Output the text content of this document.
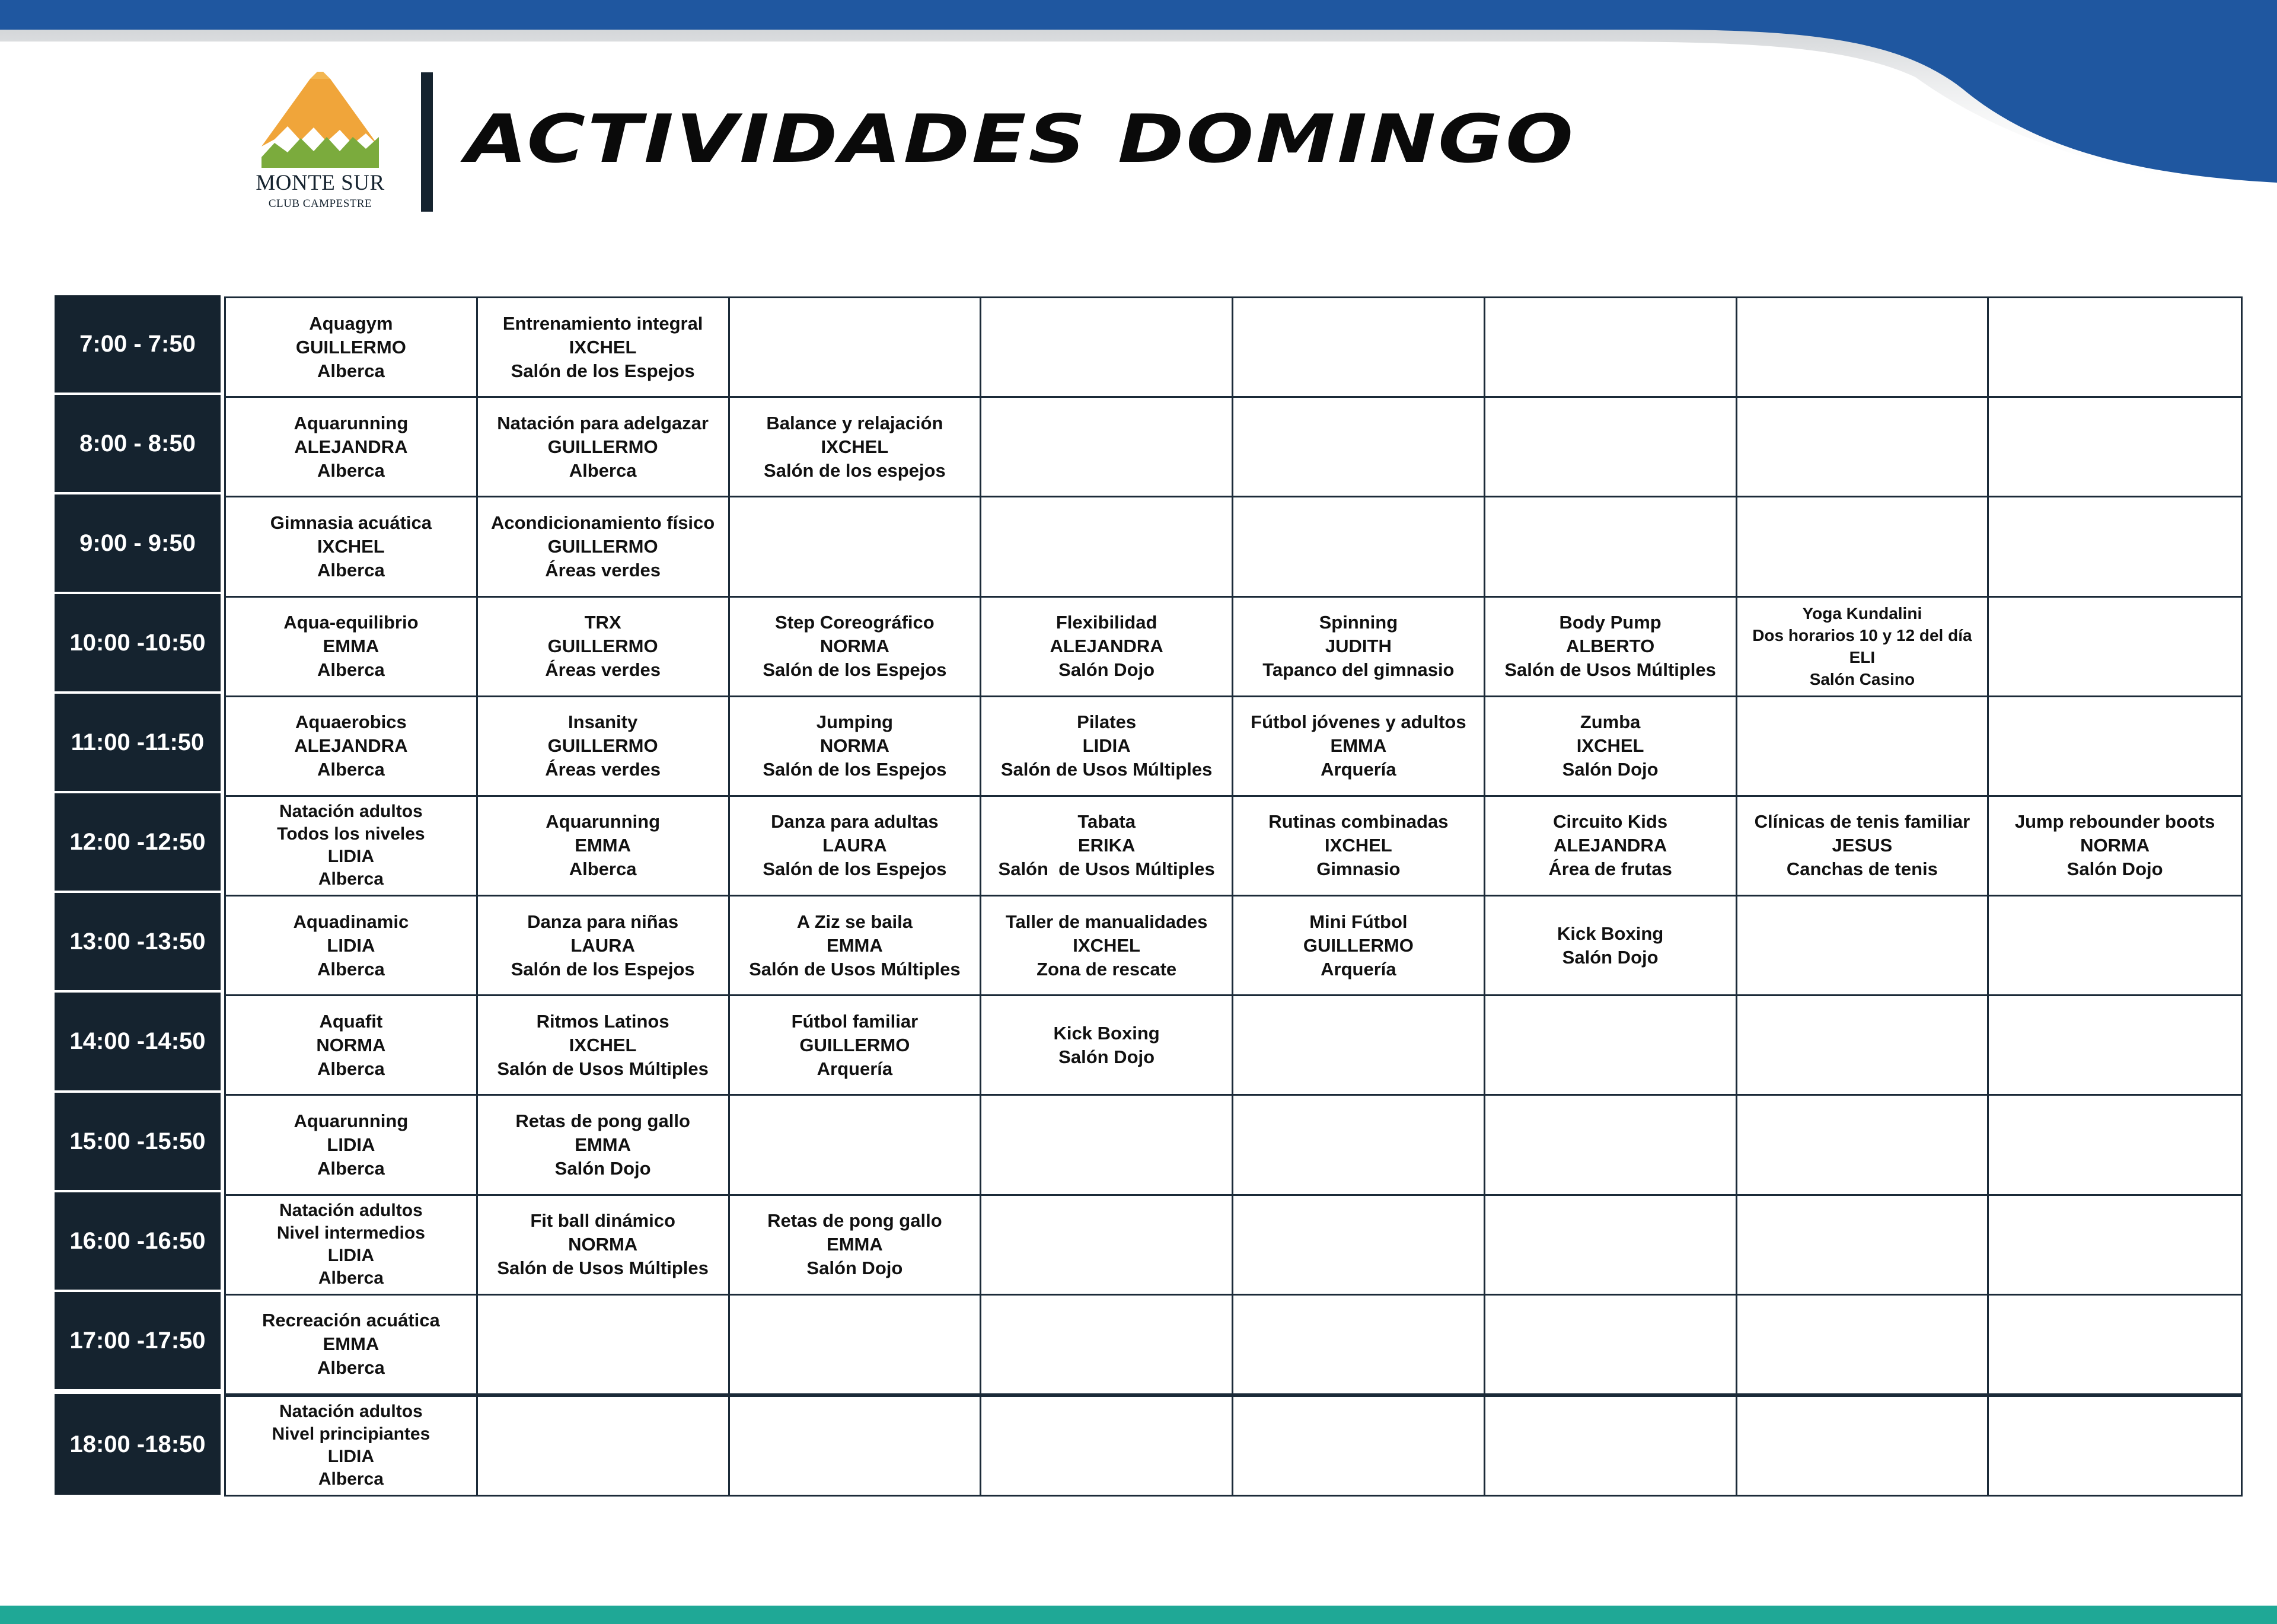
MONTE SUR
CLUB CAMPESTRE
ACTIVIDADES DOMINGO
7:00 - 7:50
8:00 - 8:50
9:00 - 9:50
10:00 -10:50
11:00 -11:50
12:00 -12:50
13:00 -13:50
14:00 -14:50
15:00 -15:50
16:00 -16:50
17:00 -17:50
18:00 -18:50
Aquagym
GUILLERMO
Alberca
Entrenamiento integral
IXCHEL
Salón de los Espejos
Aquarunning
ALEJANDRA
Alberca
Natación para adelgazar
GUILLERMO
Alberca
Balance y relajación
IXCHEL
Salón de los espejos
Gimnasia acuática
IXCHEL
Alberca
Acondicionamiento físico
GUILLERMO
Áreas verdes
Aqua-equilibrio
EMMA
Alberca
TRX
GUILLERMO
Áreas verdes
Step Coreográfico
NORMA
Salón de los Espejos
Flexibilidad
ALEJANDRA
Salón Dojo
Spinning
JUDITH
Tapanco del gimnasio
Body Pump
ALBERTO
Salón de Usos Múltiples
Yoga Kundalini
Dos horarios 10 y 12 del día
ELI
Salón Casino
Aquaerobics
ALEJANDRA
Alberca
Insanity
GUILLERMO
Áreas verdes
Jumping
NORMA
Salón de los Espejos
Pilates
LIDIA
Salón de Usos Múltiples
Fútbol jóvenes y adultos
EMMA
Arquería
Zumba
IXCHEL
Salón Dojo
Natación adultos
Todos los niveles
LIDIA
Alberca
Aquarunning
EMMA
Alberca
Danza para adultas
LAURA
Salón de los Espejos
Tabata
ERIKA
Salón  de Usos Múltiples
Rutinas combinadas
IXCHEL
Gimnasio
Circuito Kids
ALEJANDRA
Área de frutas
Clínicas de tenis familiar
JESUS
Canchas de tenis
Jump rebounder boots
NORMA
Salón Dojo
Aquadinamic
LIDIA
Alberca
Danza para niñas
LAURA
Salón de los Espejos
A Ziz se baila
EMMA
Salón de Usos Múltiples
Taller de manualidades
IXCHEL
Zona de rescate
Mini Fútbol
GUILLERMO
Arquería
Kick Boxing
Salón Dojo
Aquafit
NORMA
Alberca
Ritmos Latinos
IXCHEL
Salón de Usos Múltiples
Fútbol familiar
GUILLERMO
Arquería
Kick Boxing
Salón Dojo
Aquarunning
LIDIA
Alberca
Retas de pong gallo
EMMA
Salón Dojo
Natación adultos
Nivel intermedios
LIDIA
Alberca
Fit ball dinámico
NORMA
Salón de Usos Múltiples
Retas de pong gallo
EMMA
Salón Dojo
Recreación acuática
EMMA
Alberca
Natación adultos
Nivel principiantes
LIDIA
Alberca
